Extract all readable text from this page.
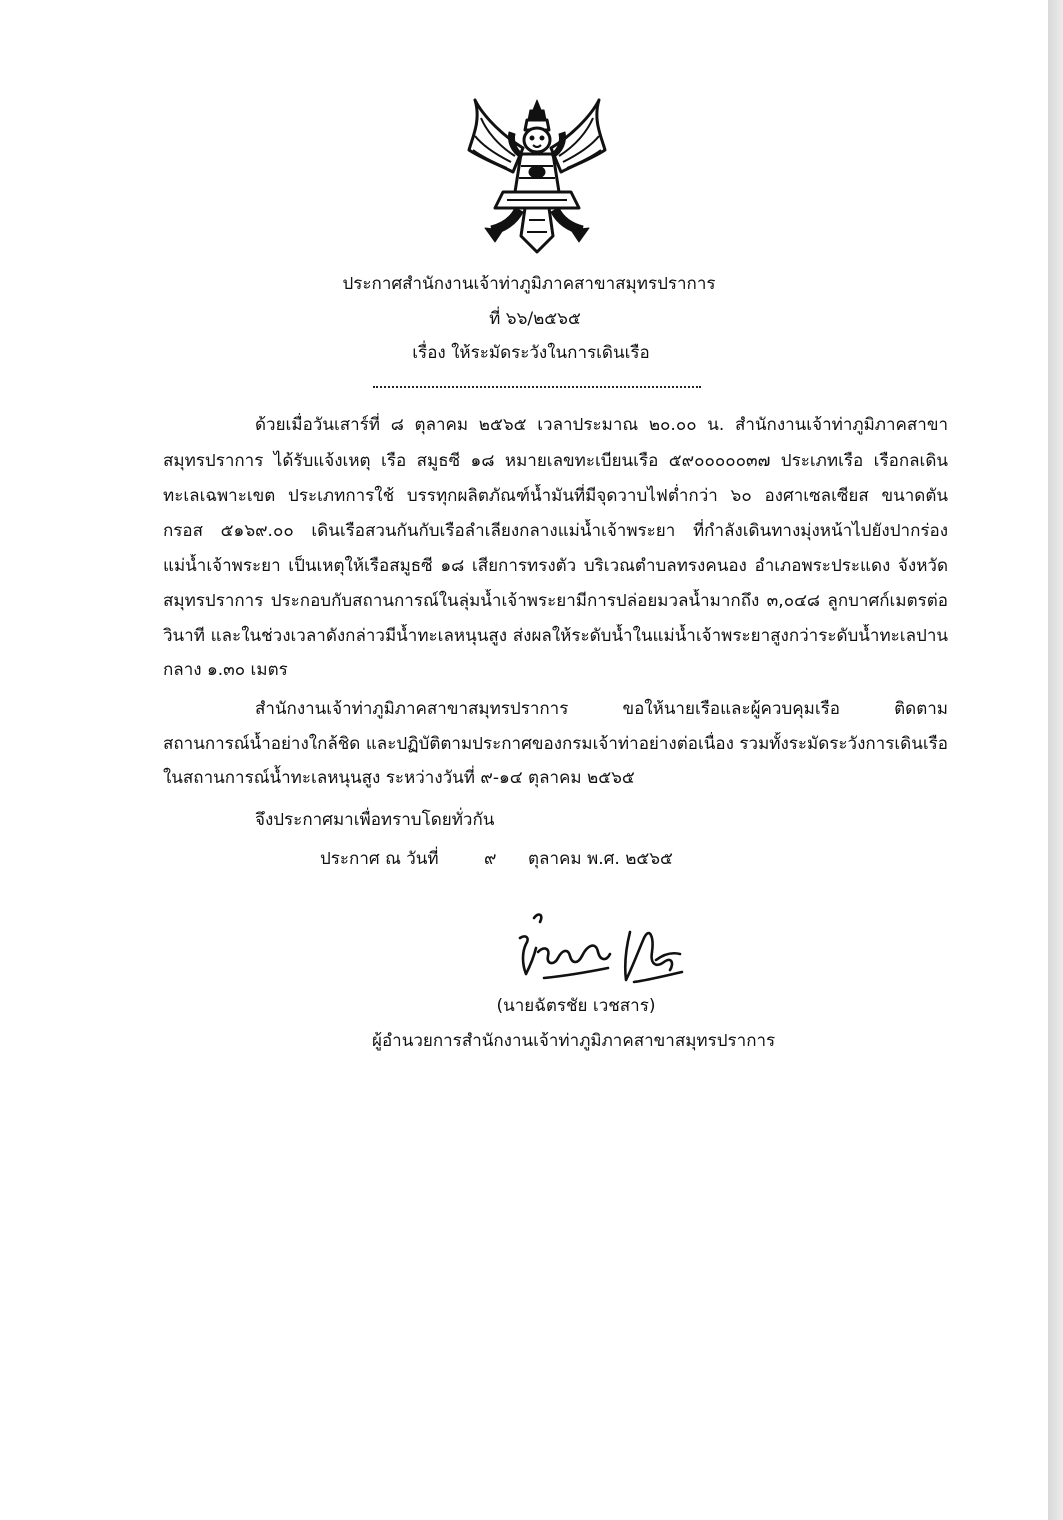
ประกาศสำนักงานเจ้าท่าภูมิภาคสาขาสมุทรปราการ
ที่ ๖๖/๒๕๖๕
เรื่อง ให้ระมัดระวังในการเดินเรือ
ด้วยเมื่อวันเสาร์ที่ ๘ ตุลาคม ๒๕๖๕ เวลาประมาณ ๒๐.๐๐ น. สำนักงานเจ้าท่าภูมิภาคสาขา
สมุทรปราการ ได้รับแจ้งเหตุ เรือ สมูธซี ๑๘ หมายเลขทะเบียนเรือ ๕๙๐๐๐๐๐๓๗ ประเภทเรือ เรือกลเดิน
ทะเลเฉพาะเขต ประเภทการใช้ บรรทุกผลิตภัณฑ์น้ำมันที่มีจุดวาบไฟต่ำกว่า ๖๐ องศาเซลเซียส ขนาดตัน
กรอส ๕๑๖๙.๐๐ เดินเรือสวนกันกับเรือลำเลียงกลางแม่น้ำเจ้าพระยา ที่กำลังเดินทางมุ่งหน้าไปยังปากร่อง
แม่น้ำเจ้าพระยา เป็นเหตุให้เรือสมูธซี ๑๘ เสียการทรงตัว บริเวณตำบลทรงคนอง อำเภอพระประแดง จังหวัด
สมุทรปราการ ประกอบกับสถานการณ์ในลุ่มน้ำเจ้าพระยามีการปล่อยมวลน้ำมากถึง ๓,๐๔๘ ลูกบาศก์เมตรต่อ
วินาที และในช่วงเวลาดังกล่าวมีน้ำทะเลหนุนสูง ส่งผลให้ระดับน้ำในแม่น้ำเจ้าพระยาสูงกว่าระดับน้ำทะเลปาน
กลาง ๑.๓๐ เมตร
สำนักงานเจ้าท่าภูมิภาคสาขาสมุทรปราการ ขอให้นายเรือและผู้ควบคุมเรือ ติดตาม
สถานการณ์น้ำอย่างใกล้ชิด และปฏิบัติตามประกาศของกรมเจ้าท่าอย่างต่อเนื่อง รวมทั้งระมัดระวังการเดินเรือ
ในสถานการณ์น้ำทะเลหนุนสูง ระหว่างวันที่ ๙-๑๔ ตุลาคม ๒๕๖๕
จึงประกาศมาเพื่อทราบโดยทั่วกัน
ประกาศ ณ วันที่	๙ ตุลาคม พ.ศ. ๒๕๖๕
(นายฉัตรชัย เวชสาร)
ผู้อำนวยการสำนักงานเจ้าท่าภูมิภาคสาขาสมุทรปราการ
